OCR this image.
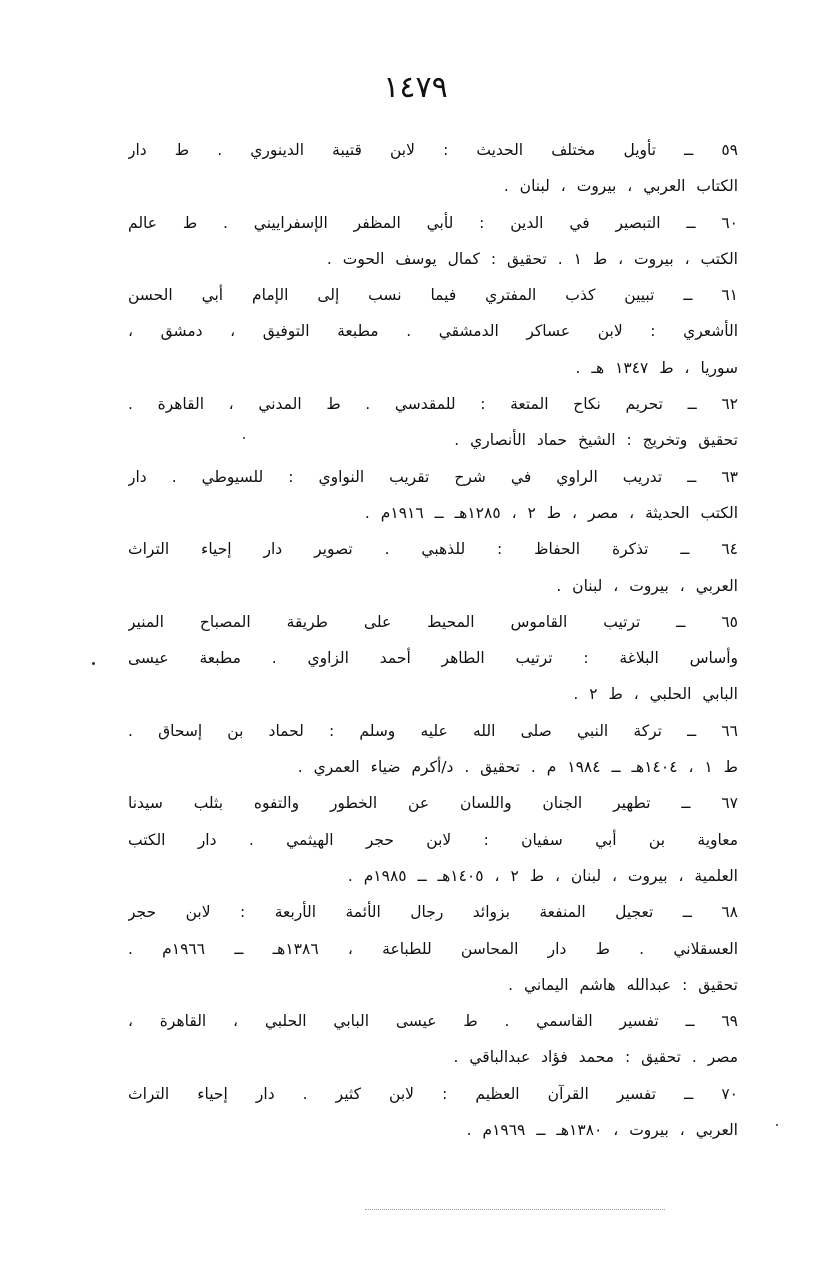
١٤٧٩
٥٩ ــ تأويل مختلف الحديث : لابن قتيبة الدينوري . ط دار
الكتاب العربي ، بيروت ، لبنان .
٦٠ ــ التبصير في الدين : لأبي المظفر الإسفراييني . ط عالم
الكتب ، بيروت ، ط ١ . تحقيق : كمال يوسف الحوت .
٦١ ــ تبيين كذب المفتري فيما نسب إلى الإمام أبي الحسن
الأشعري : لابن عساكر الدمشقي . مطبعة التوفيق ، دمشق ،
سوريا ، ط ١٣٤٧ هـ .
٦٢ ــ تحريم نكاح المتعة : للمقدسي . ط المدني ، القاهرة .
تحقيق وتخريج : الشيخ حماد الأنصاري .
٦٣ ــ تدريب الراوي في شرح تقريب النواوي : للسيوطي . دار
الكتب الحديثة ، مصر ، ط ٢ ، ١٢٨٥هـ ــ ١٩١٦م .
٦٤ ــ تذكرة الحفاظ : للذهبي . تصوير دار إحياء التراث
العربي ، بيروت ، لبنان .
٦٥ ــ ترتيب القاموس المحيط على طريقة المصباح المنير
وأساس البلاغة : ترتيب الطاهر أحمد الزاوي . مطبعة عيسى
البابي الحلبي ، ط ٢ .
٦٦ ــ تركة النبي صلى الله عليه وسلم : لحماد بن إسحاق .
ط ١ ، ١٤٠٤هـ ــ ١٩٨٤ م . تحقيق . د/أكرم ضياء العمري .
٦٧ ــ تطهير الجنان واللسان عن الخطور والتفوه بثلب سيدنا
معاوية بن أبي سفيان : لابن حجر الهيثمي . دار الكتب
العلمية ، بيروت ، لبنان ، ط ٢ ، ١٤٠٥هـ ــ ١٩٨٥م .
٦٨ ــ تعجيل المنفعة بزوائد رجال الأئمة الأربعة : لابن حجر
العسقلاني . ط دار المحاسن للطباعة ، ١٣٨٦هـ ــ ١٩٦٦م .
تحقيق : عبدالله هاشم اليماني .
٦٩ ــ تفسير القاسمي . ط عيسى البابي الحلبي ، القاهرة ،
مصر . تحقيق : محمد فؤاد عبدالباقي .
٧٠ ــ تفسير القرآن العظيم : لابن كثير . دار إحياء التراث
العربي ، بيروت ، ١٣٨٠هـ ــ ١٩٦٩م .
